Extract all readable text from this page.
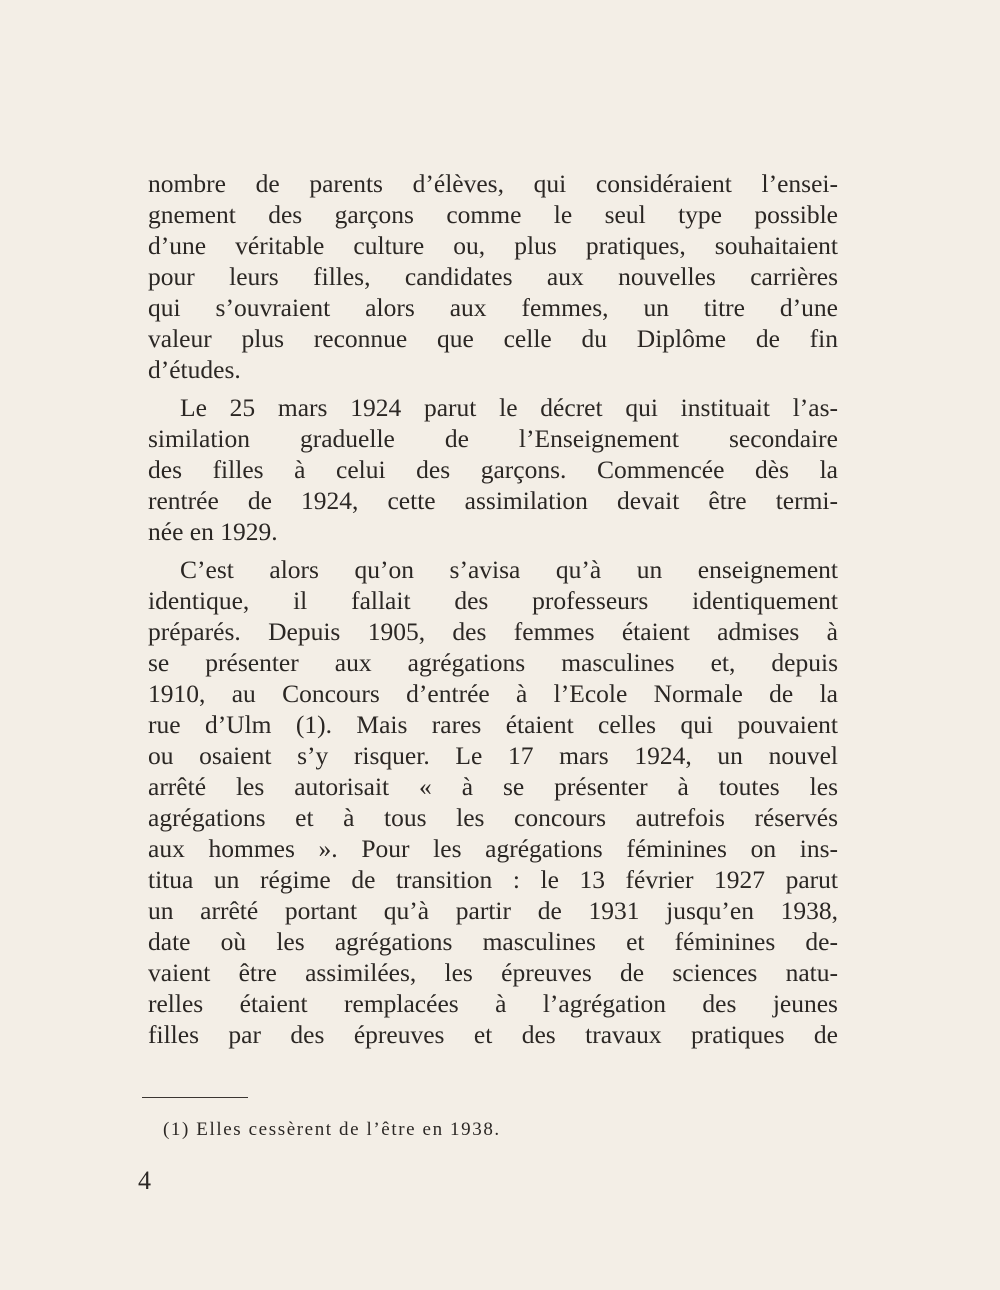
nombre de parents d’élèves, qui considéraient l’ensei-
gnement des garçons comme le seul type possible
d’une véritable culture ou, plus pratiques, souhaitaient
pour leurs filles, candidates aux nouvelles carrières
qui s’ouvraient alors aux femmes, un titre d’une
valeur plus reconnue que celle du Diplôme de fin
d’études.
Le 25 mars 1924 parut le décret qui instituait l’as-
similation graduelle de l’Enseignement secondaire
des filles à celui des garçons. Commencée dès la
rentrée de 1924, cette assimilation devait être termi-
née en 1929.
C’est alors qu’on s’avisa qu’à un enseignement
identique, il fallait des professeurs identiquement
préparés. Depuis 1905, des femmes étaient admises à
se présenter aux agrégations masculines et, depuis
1910, au Concours d’entrée à l’Ecole Normale de la
rue d’Ulm (1). Mais rares étaient celles qui pouvaient
ou osaient s’y risquer. Le 17 mars 1924, un nouvel
arrêté les autorisait « à se présenter à toutes les
agrégations et à tous les concours autrefois réservés
aux hommes ». Pour les agrégations féminines on ins-
titua un régime de transition : le 13 février 1927 parut
un arrêté portant qu’à partir de 1931 jusqu’en 1938,
date où les agrégations masculines et féminines de-
vaient être assimilées, les épreuves de sciences natu-
relles étaient remplacées à l’agrégation des jeunes
filles par des épreuves et des travaux pratiques de
(1) Elles cessèrent de l’être en 1938.
4
